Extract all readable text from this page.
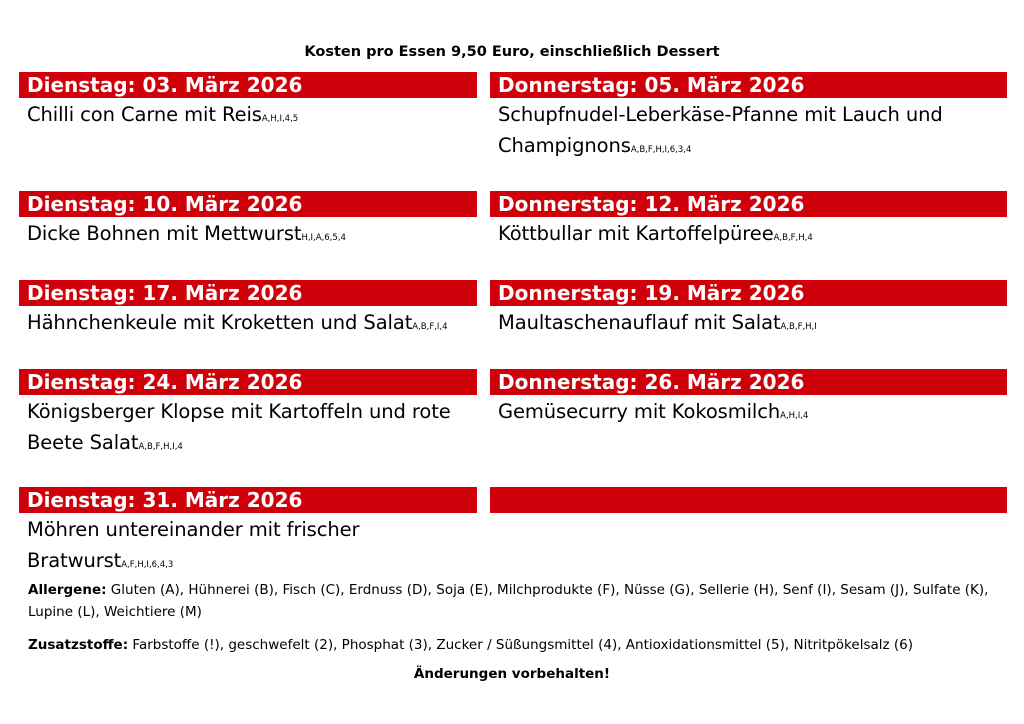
Kosten pro Essen 9,50 Euro, einschließlich Dessert
Dienstag: 03. März 2026
Chilli con Carne mit ReisA,H,I,4,5
Donnerstag: 05. März 2026
Schupfnudel-Leberkäse-Pfanne mit Lauch und ChampignonsA,B,F,H,I,6,3,4
Dienstag: 10. März 2026
Dicke Bohnen mit MettwurstH,I,A,6,5,4
Donnerstag: 12. März 2026
Köttbullar mit KartoffelpüreeA,B,F,H,4
Dienstag: 17. März 2026
Hähnchenkeule mit Kroketten und SalatA,B,F,I,4
Donnerstag: 19. März 2026
Maultaschenauflauf mit SalatA,B,F,H,I
Dienstag: 24. März 2026
Königsberger Klopse mit Kartoffeln und rote Beete SalatA,B,F,H,I,4
Donnerstag: 26. März 2026
Gemüsecurry mit KokosmilchA,H,I,4
Dienstag: 31. März 2026
Möhren untereinander mit frischer BratwurstA,F,H,I,6,4,3
Allergene: Gluten (A), Hühnerei (B), Fisch (C), Erdnuss (D), Soja (E), Milchprodukte (F), Nüsse (G), Sellerie (H), Senf (I), Sesam (J), Sulfate (K), Lupine (L), Weichtiere (M)
Zusatzstoffe: Farbstoffe (!), geschwefelt (2), Phosphat (3), Zucker / Süßungsmittel (4), Antioxidationsmittel (5), Nitritpökelsalz (6)
Änderungen vorbehalten!
